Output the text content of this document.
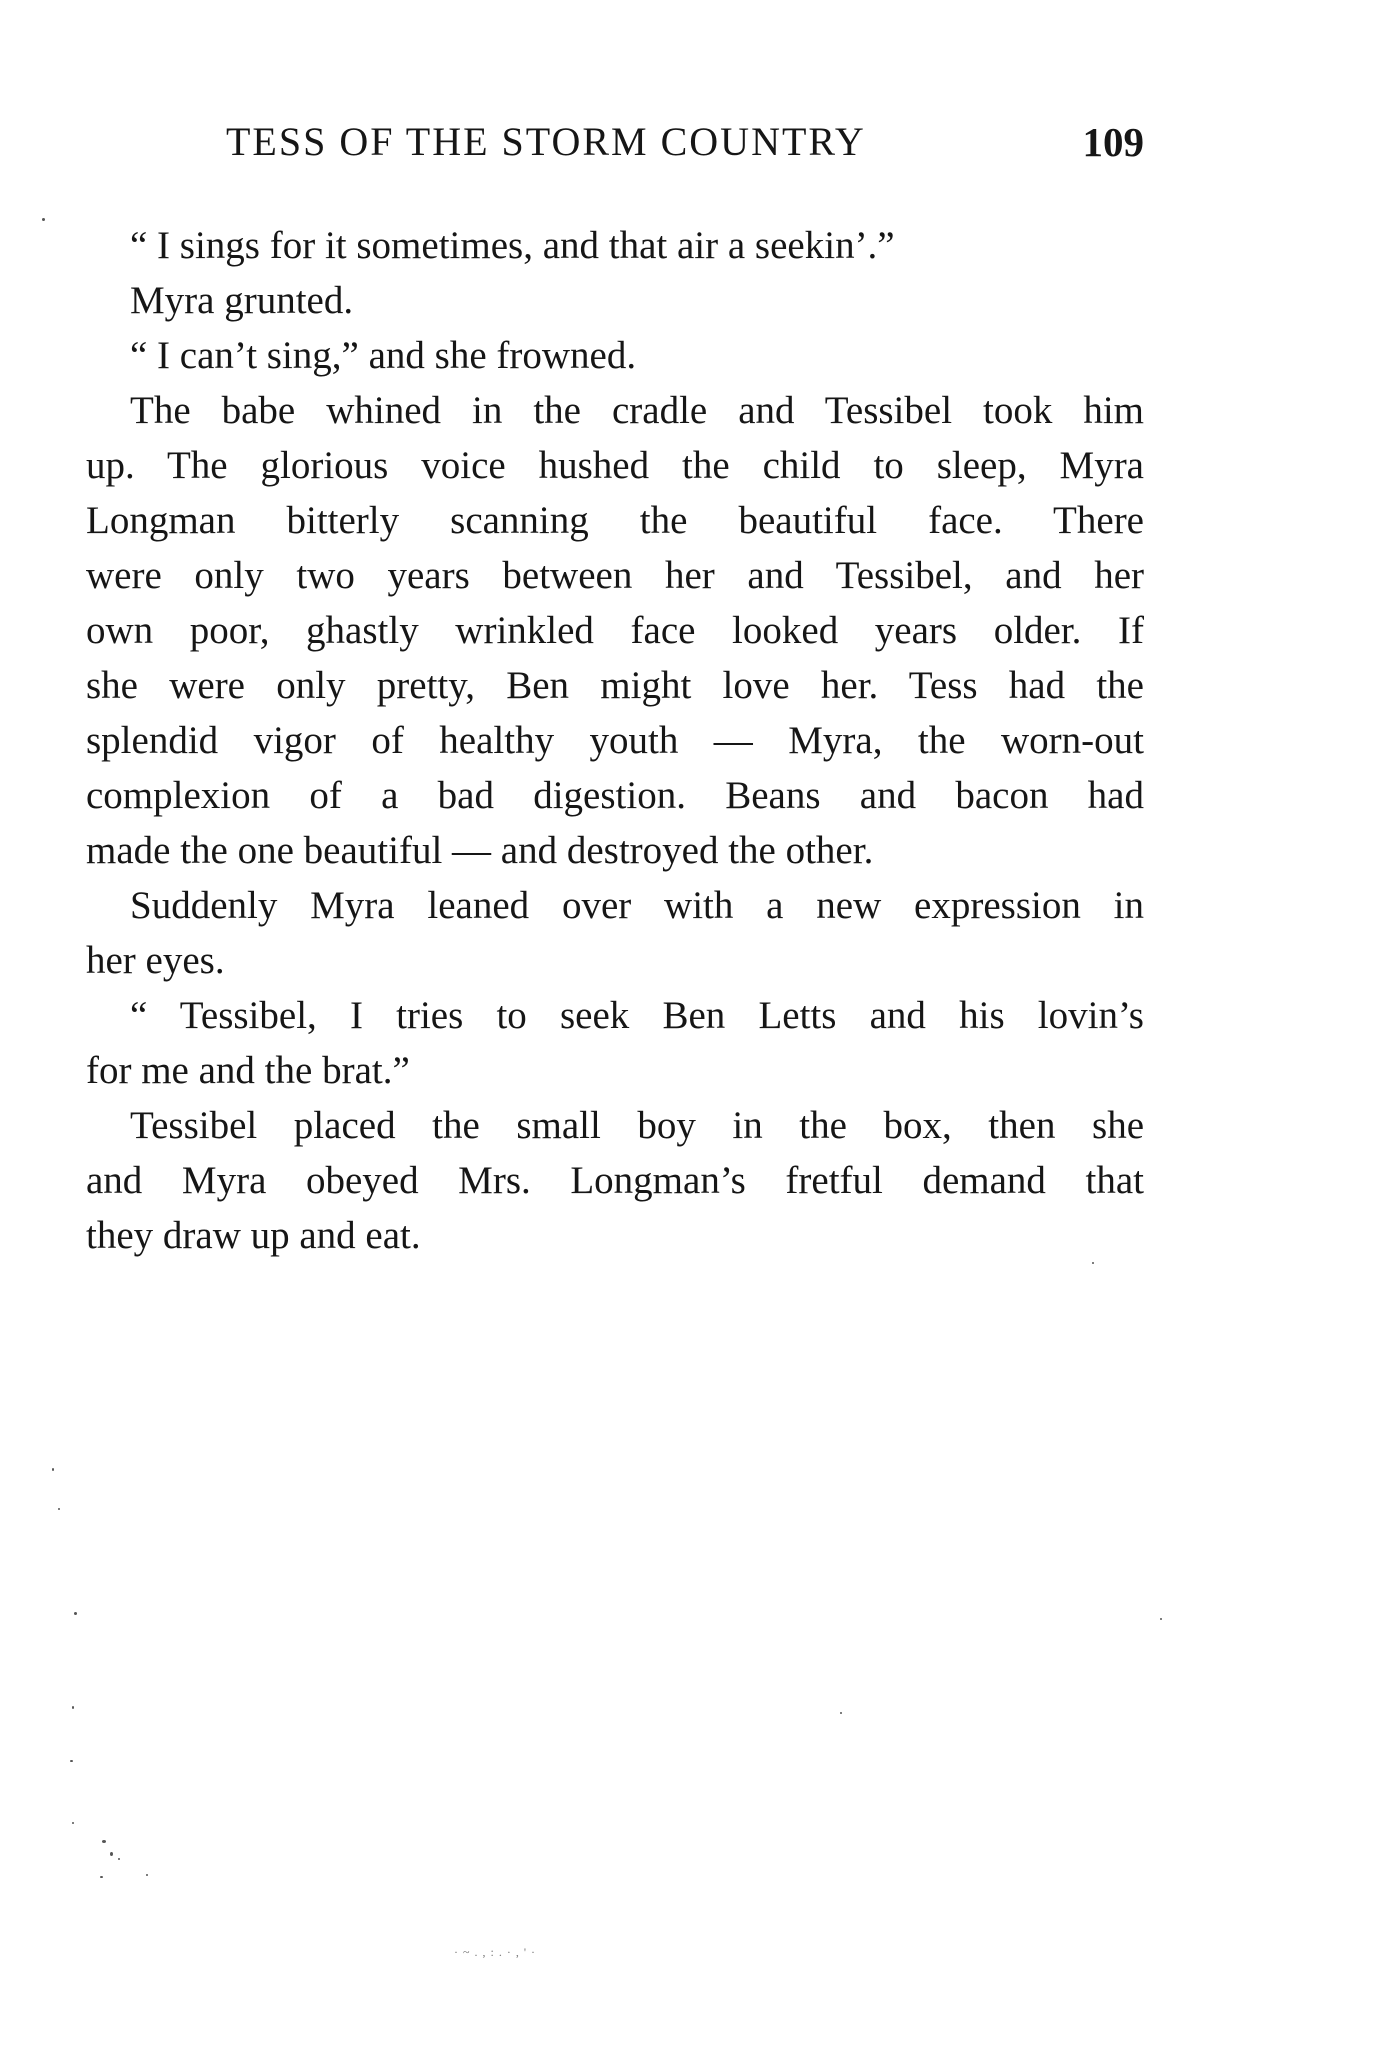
TESS OF THE STORM COUNTRY	109
“ I sings for it sometimes, and that air a seekin’.”
Myra grunted.
“ I can’t sing,” and she frowned.
The babe whined in the cradle and Tessibel took him
up. The glorious voice hushed the child to sleep, Myra
Longman bitterly scanning the beautiful face. There
were only two years between her and Tessibel, and her
own poor, ghastly wrinkled face looked years older. If
she were only pretty, Ben might love her. Tess had the
splendid vigor of healthy youth — Myra, the worn-out
complexion of a bad digestion. Beans and bacon had
made the one beautiful — and destroyed the other.
Suddenly Myra leaned over with a new expression in
her eyes.
“ Tessibel, I tries to seek Ben Letts and his lovin’s
for me and the brat.”
Tessibel placed the small boy in the box, then she
and Myra obeyed Mrs. Longman’s fretful demand that
they draw up and eat.
· ~ . , : . · , ' ·
